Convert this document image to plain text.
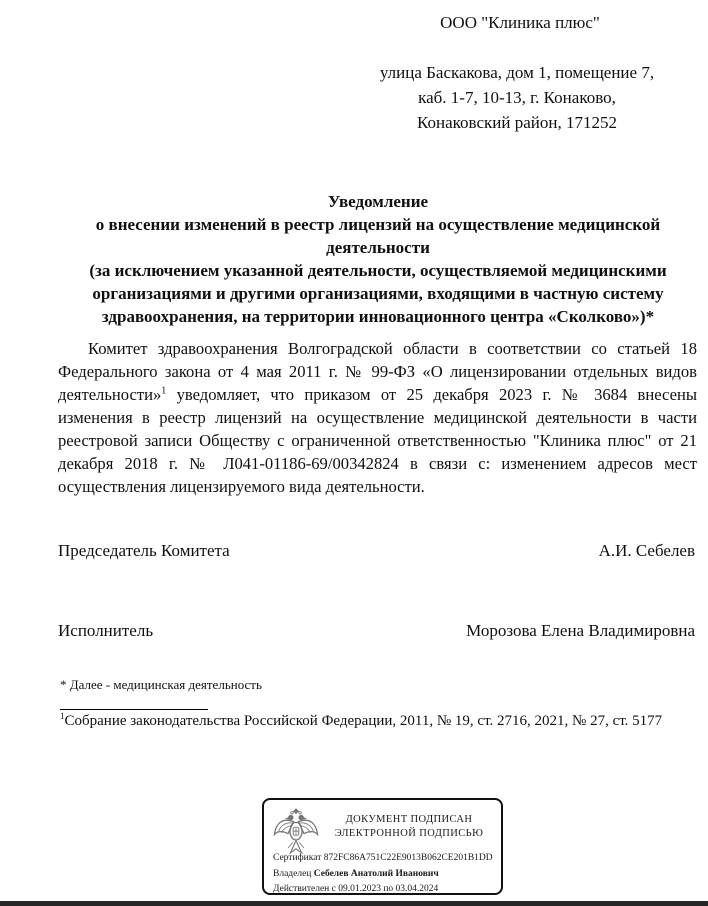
ООО "Клиника плюс"
улица Баскакова, дом 1, помещение 7,
каб. 1-7, 10-13, г. Конаково,
Конаковский район, 171252
Уведомление
о внесении изменений в реестр лицензий на осуществление медицинской
деятельности
(за исключением указанной деятельности, осуществляемой медицинскими
организациями и другими организациями, входящими в частную систему
здравоохранения, на территории инновационного центра «Сколково»)*
Комитет здравоохранения Волгоградской области в соответствии со статьей 18 Федерального закона от 4 мая 2011 г. № 99-ФЗ «О лицензировании отдельных видов деятельности»$^1$ уведомляет, что приказом от 25 декабря 2023 г. № 3684 внесены изменения в реестр лицензий на осуществление медицинской деятельности в части реестровой записи Обществу с ограниченной ответственностью "Клиника плюс" от 21 декабря 2018 г. № Л041-01186-69/00342824 в связи с: изменением адресов мест осуществления лицензируемого вида деятельности.
Председатель Комитета	А.И. Себелев
Исполнитель	Морозова Елена Владимировна
* Далее - медицинская деятельность
$^1$Собрание законодательства Российской Федерации, 2011, № 19, ст. 2716, 2021, № 27, ст. 5177
ДОКУМЕНТ ПОДПИСАН
ЭЛЕКТРОННОЙ ПОДПИСЬЮ
Сертификат 872FC86A751C22E9013B062CE201B1DD
Владелец Себелев Анатолий Иванович
Действителен с 09.01.2023 по 03.04.2024
